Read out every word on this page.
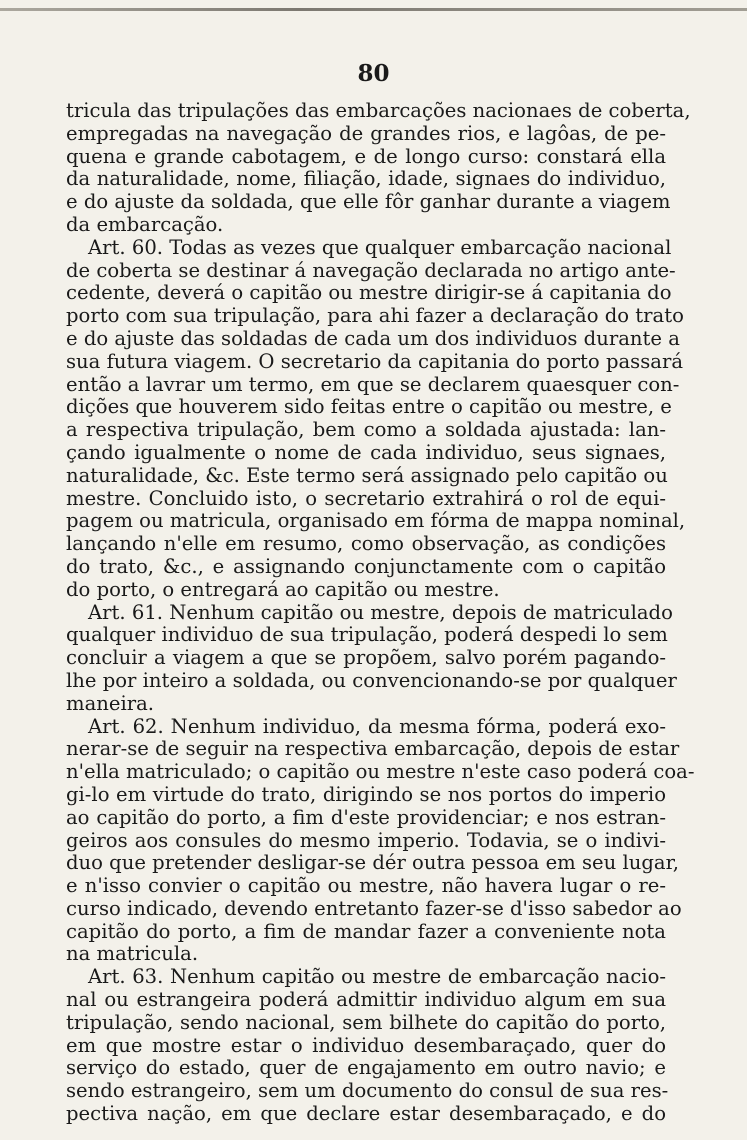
80
tricula das tripulações das embarcações nacionaes de coberta,
empregadas na navegação de grandes rios, e lagôas, de pe-
quena e grande cabotagem, e de longo curso: constará ella
da naturalidade, nome, filiação, idade, signaes do individuo,
e do ajuste da soldada, que elle fôr ganhar durante a viagem
da embarcação.
Art. 60. Todas as vezes que qualquer embarcação nacional
de coberta se destinar á navegação declarada no artigo ante-
cedente, deverá o capitão ou mestre dirigir-se á capitania do
porto com sua tripulação, para ahi fazer a declaração do trato
e do ajuste das soldadas de cada um dos individuos durante a
sua futura viagem. O secretario da capitania do porto passará
então a lavrar um termo, em que se declarem quaesquer con-
dições que houverem sido feitas entre o capitão ou mestre, e
a respectiva tripulação, bem como a soldada ajustada: lan-
çando igualmente o nome de cada individuo, seus signaes,
naturalidade, &c. Este termo será assignado pelo capitão ou
mestre. Concluido isto, o secretario extrahirá o rol de equi-
pagem ou matricula, organisado em fórma de mappa nominal,
lançando n'elle em resumo, como observação, as condições
do trato, &c., e assignando conjunctamente com o capitão
do porto, o entregará ao capitão ou mestre.
Art. 61. Nenhum capitão ou mestre, depois de matriculado
qualquer individuo de sua tripulação, poderá despedi lo sem
concluir a viagem a que se propõem, salvo porém pagando-
lhe por inteiro a soldada, ou convencionando-se por qualquer
maneira.
Art. 62. Nenhum individuo, da mesma fórma, poderá exo-
nerar-se de seguir na respectiva embarcação, depois de estar
n'ella matriculado; o capitão ou mestre n'este caso poderá coa-
gi-lo em virtude do trato, dirigindo se nos portos do imperio
ao capitão do porto, a fim d'este providenciar; e nos estran-
geiros aos consules do mesmo imperio. Todavia, se o indivi-
duo que pretender desligar-se dér outra pessoa em seu lugar,
e n'isso convier o capitão ou mestre, não havera lugar o re-
curso indicado, devendo entretanto fazer-se d'isso sabedor ao
capitão do porto, a fim de mandar fazer a conveniente nota
na matricula.
Art. 63. Nenhum capitão ou mestre de embarcação nacio-
nal ou estrangeira poderá admittir individuo algum em sua
tripulação, sendo nacional, sem bilhete do capitão do porto,
em que mostre estar o individuo desembaraçado, quer do
serviço do estado, quer de engajamento em outro navio; e
sendo estrangeiro, sem um documento do consul de sua res-
pectiva nação, em que declare estar desembaraçado, e do
